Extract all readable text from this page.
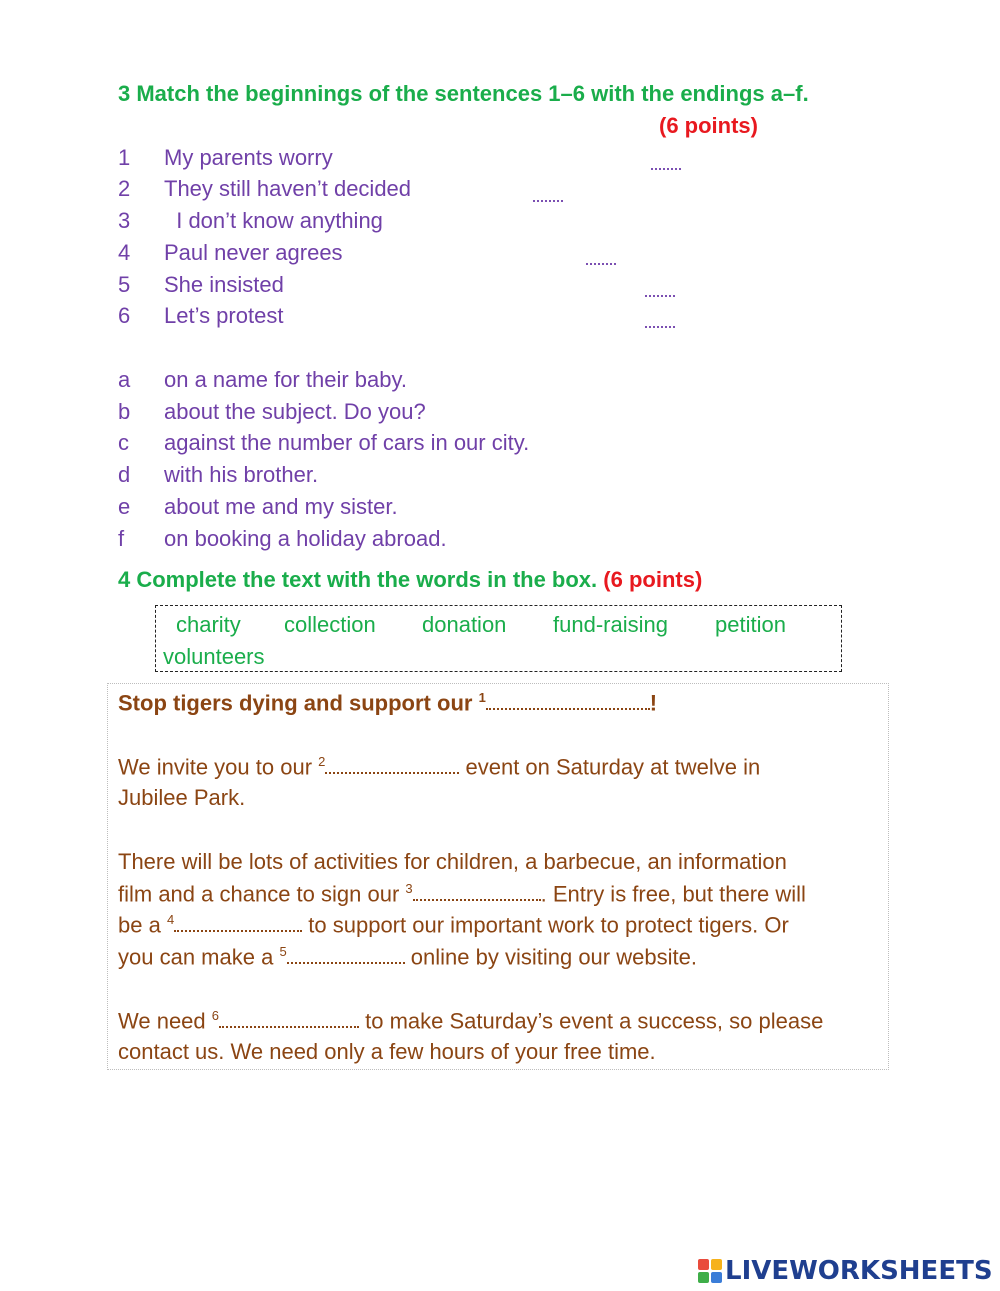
3 Match the beginnings of the sentences 1–6 with the endings a–f.
(6 points)
1 My parents worry
2 They still haven’t decided
3 I don’t know anything
4 Paul never agrees
5 She insisted
6 Let’s protest
a on a name for their baby.
b about the subject. Do you?
c against the number of cars in our city.
d with his brother.
e about me and my sister.
f on booking a holiday abroad.
4 Complete the text with the words in the box. (6 points)
charity collection donation fund-raising petition
volunteers
Stop tigers dying and support our $^1$	!
We invite you to our $^2$	event on Saturday at twelve in
Jubilee Park.
There will be lots of activities for children, a barbecue, an information
film and a chance to sign our $^3$	. Entry is free, but there will
be a $^4$	to support our important work to protect tigers. Or
you can make a $^5$	online by visiting our website.
We need $^6$	to make Saturday’s event a success, so please
contact us. We need only a few hours of your free time.
LIVEWORKSHEETS
